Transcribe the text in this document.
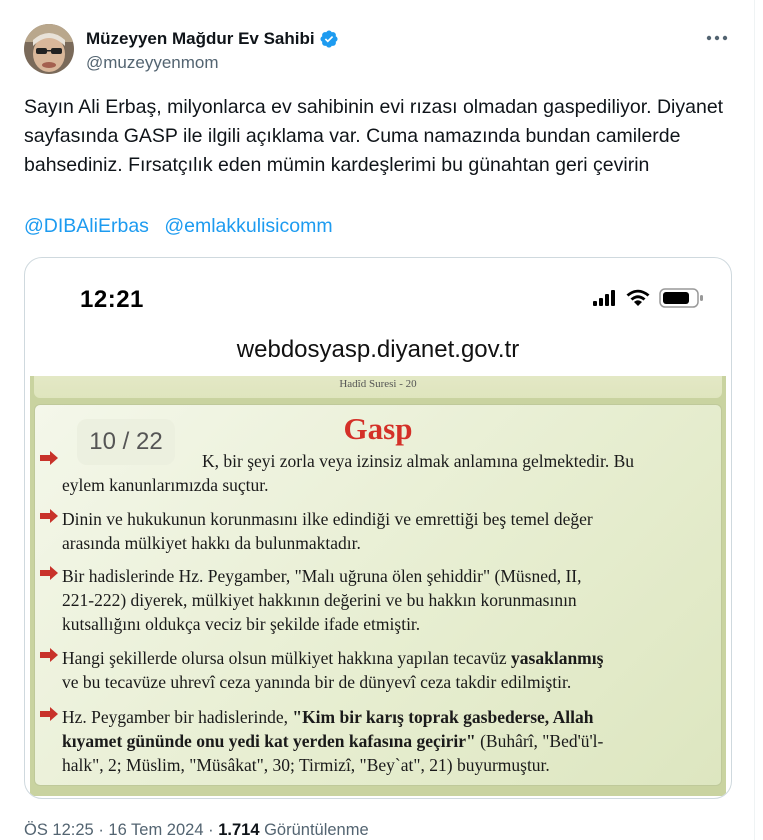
Müzeyyen Mağdur Ev Sahibi
@muzeyyenmom
Sayın Ali Erbaş, milyonlarca ev sahibinin evi rızası olmadan gaspediliyor. Diyanet sayfasında GASP ile ilgili açıklama var. Cuma namazında bundan camilerde bahsediniz. Fırsatçılık eden mümin kardeşlerimi bu günahtan geri çevirin
@DIBAliErbas @emlakkulisicomm
12:21
webdosyasp.diyanet.gov.tr
Hadîd Suresi - 20
Gasp
10 / 22
K, bir şeyi zorla veya izinsiz almak anlamına gelmektedir. Bu
eylem kanunlarımızda suçtur.
Dinin ve hukukunun korunmasını ilke edindiği ve emrettiği beş temel değer
arasında mülkiyet hakkı da bulunmaktadır.
Bir hadislerinde Hz. Peygamber, "Malı uğruna ölen şehiddir" (Müsned, II,
221-222) diyerek, mülkiyet hakkının değerini ve bu hakkın korunmasının
kutsallığını oldukça veciz bir şekilde ifade etmiştir.
Hangi şekillerde olursa olsun mülkiyet hakkına yapılan tecavüz yasaklanmış
ve bu tecavüze uhrevî ceza yanında bir de dünyevî ceza takdir edilmiştir.
Hz. Peygamber bir hadislerinde, "Kim bir karış toprak gasbederse, Allah
kıyamet gününde onu yedi kat yerden kafasına geçirir" (Buhârî, "Bed'ü'l-
halk", 2; Müslim, "Müsâkat", 30; Tirmizî, "Bey`at", 21) buyurmuştur.
ÖS 12:25 · 16 Tem 2024 · 1.714 Görüntülenme
